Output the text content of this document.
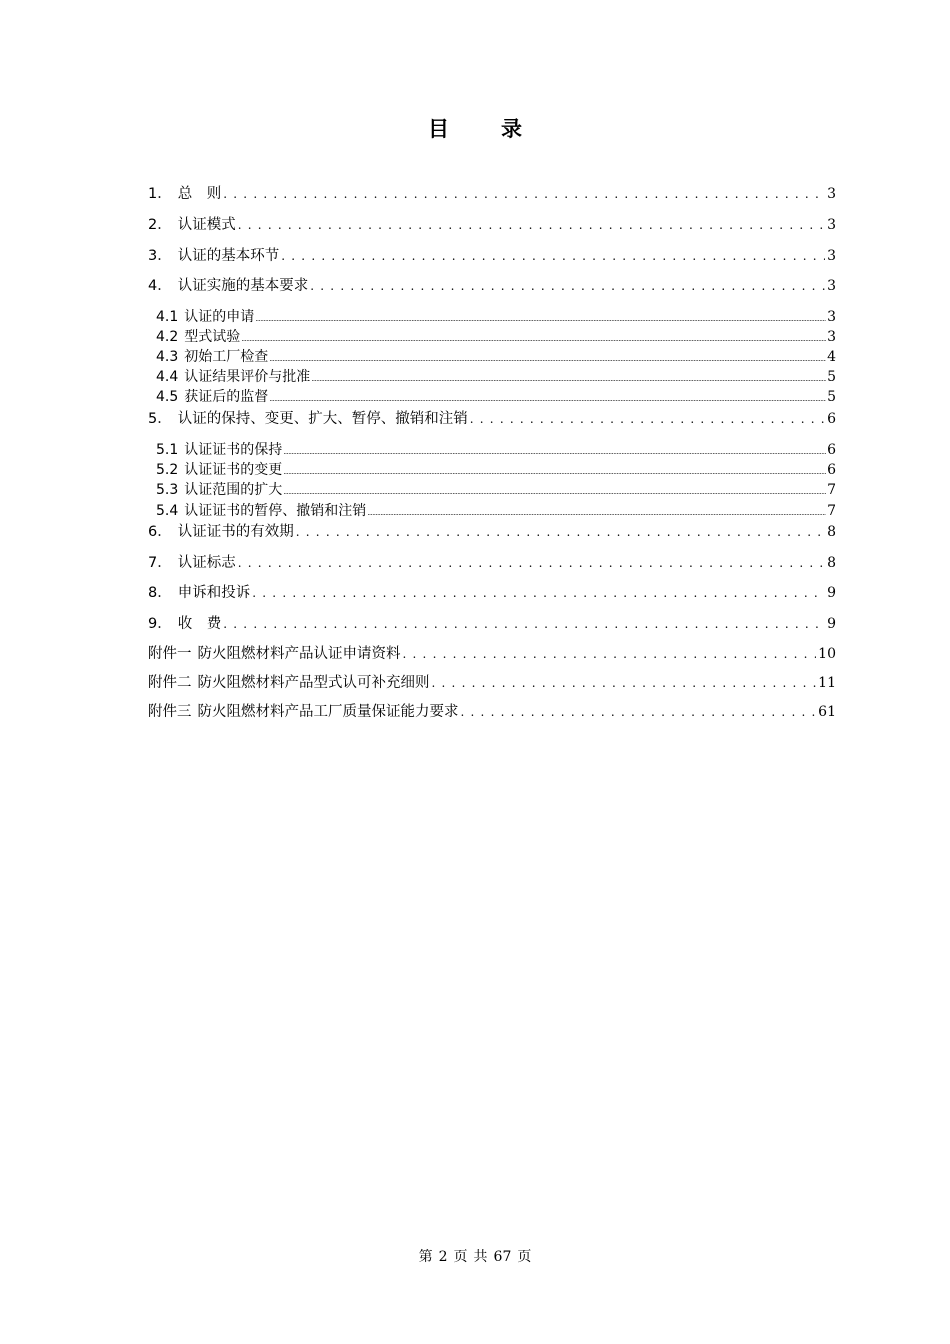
目 录
1． 总　则 . . .	3
2． 认证模式 . . .	3
3． 认证的基本环节 . . .	3
4． 认证实施的基本要求 . . .	3
4.1 认证的申请 .....	3
4.2 型式试验 .....	3
4.3 初始工厂检查 .....	4
4.4 认证结果评价与批准 .....	5
4.5 获证后的监督 .....	5
5． 认证的保持、变更、扩大、暂停、撤销和注销 . . .	6
5.1 认证证书的保持 .....	6
5.2 认证证书的变更 .....	6
5.3 认证范围的扩大 .....	7
5.4 认证证书的暂停、撤销和注销 .....	7
6． 认证证书的有效期 . . .	8
7． 认证标志 . . .	8
8． 申诉和投诉 . . .	9
9． 收　费 . . .	9
附件一 防火阻燃材料产品认证申请资料 . . .	10
附件二 防火阻燃材料产品型式认可补充细则 . . .	11
附件三 防火阻燃材料产品工厂质量保证能力要求 . . .	61
第 2 页 共 67 页
